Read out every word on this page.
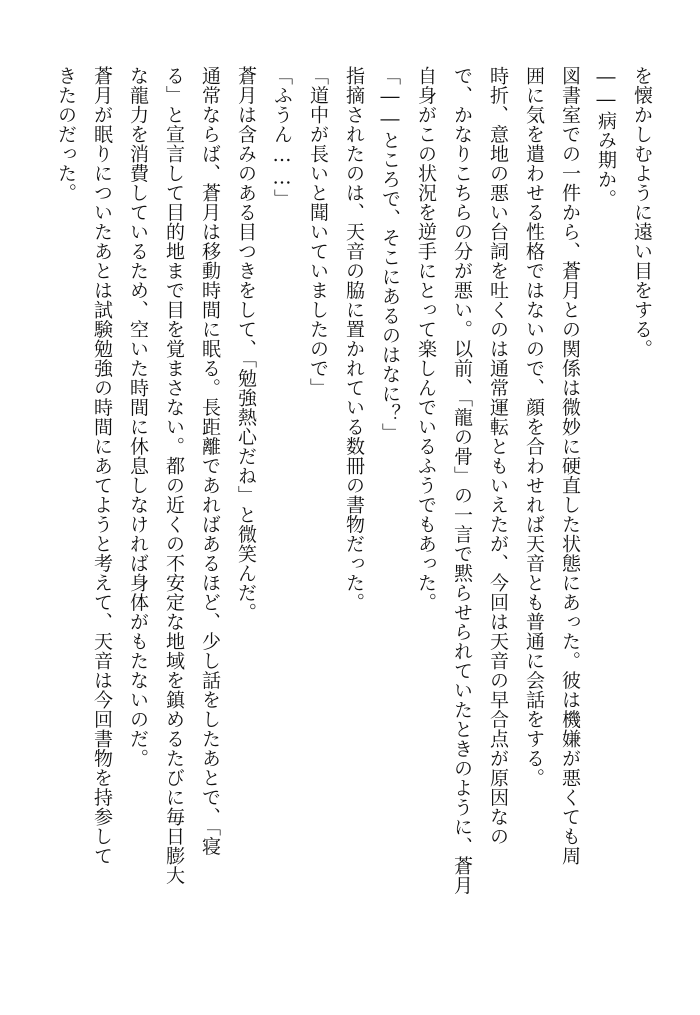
を懐かしむように遠い目をする。
――病み期か。
図書室での一件から、蒼月との関係は微妙に硬直した状態にあった。彼は機嫌が悪くても周
囲に気を遣わせる性格ではないので、顔を合わせれば天音とも普通に会話をする。
時折、意地の悪い台詞を吐くのは通常運転ともいえたが、今回は天音の早合点が原因なの
で、かなりこちらの分が悪い。以前、「龍の骨」の一言で黙らせられていたときのように、蒼月
自身がこの状況を逆手にとって楽しんでいるふうでもあった。
「――ところで、そこにあるのはなに？」
指摘されたのは、天音の脇に置かれている数冊の書物だった。
「道中が長いと聞いていましたので」
「ふうん……」
蒼月は含みのある目つきをして、「勉強熱心だね」と微笑んだ。
通常ならば、蒼月は移動時間に眠る。長距離であればあるほど、少し話をしたあとで、「寝
る」と宣言して目的地まで目を覚まさない。都の近くの不安定な地域を鎮めるたびに毎日膨大
な龍力を消費しているため、空いた時間に休息しなければ身体がもたないのだ。
蒼月が眠りについたあとは試験勉強の時間にあてようと考えて、天音は今回書物を持参して
きたのだった。
